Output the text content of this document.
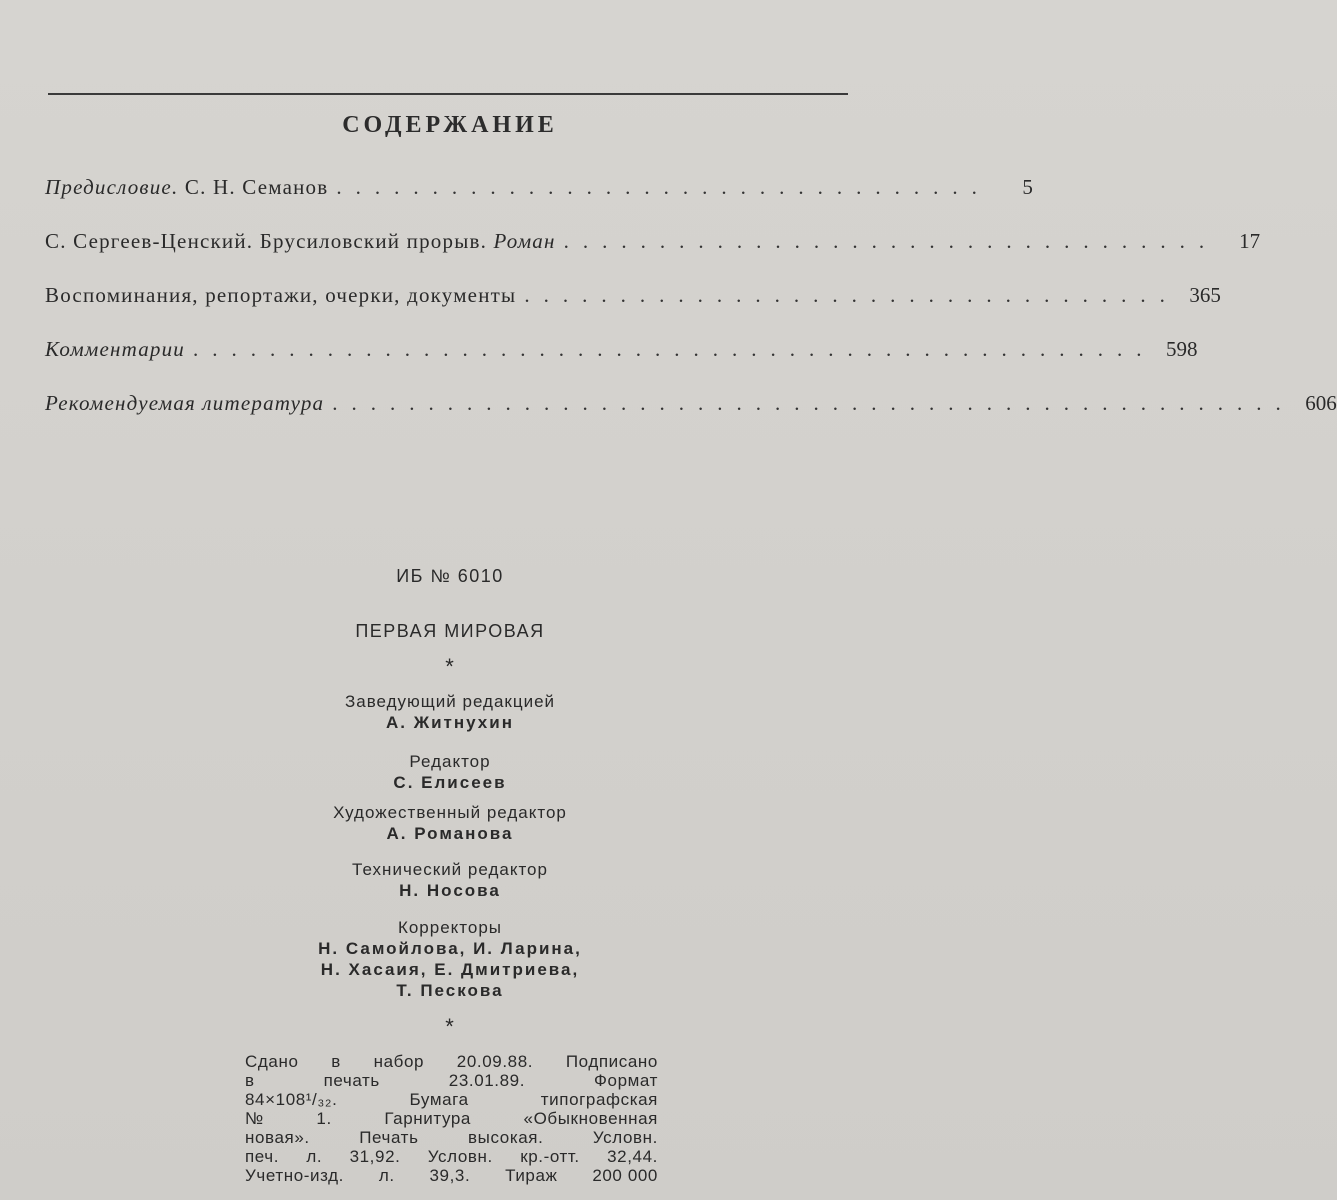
СОДЕРЖАНИЕ
Предисловие. С. Н. Семанов ..................................	5
С. Сергеев-Ценский. Брусиловский прорыв. Роман ..................................	17
Воспоминания, репортажи, очерки, документы .................................. 365
Комментарии .................................................. 598
Рекомендуемая литература .................................................. 606
ИБ № 6010
ПЕРВАЯ МИРОВАЯ
*
Заведующий редакцией
А. Житнухин
Редактор
С. Елисеев
Художественный редактор
А. Романова
Технический редактор
Н. Носова
Корректоры
Н. Самойлова, И. Ларина,
Н. Хасаия, Е. Дмитриева,
Т. Пескова
*
Сдано в набор 20.09.88. Подписано
в	печать	23.01.89.	Формат
84×108¹/₃₂.	Бумага	типографская
№	1.	Гарнитура	«Обыкновенная
новая».	Печать	высокая.	Условн.
печ. л. 31,92. Условн. кр.-отт. 32,44.
Учетно-изд. л. 39,3. Тираж 200 000
